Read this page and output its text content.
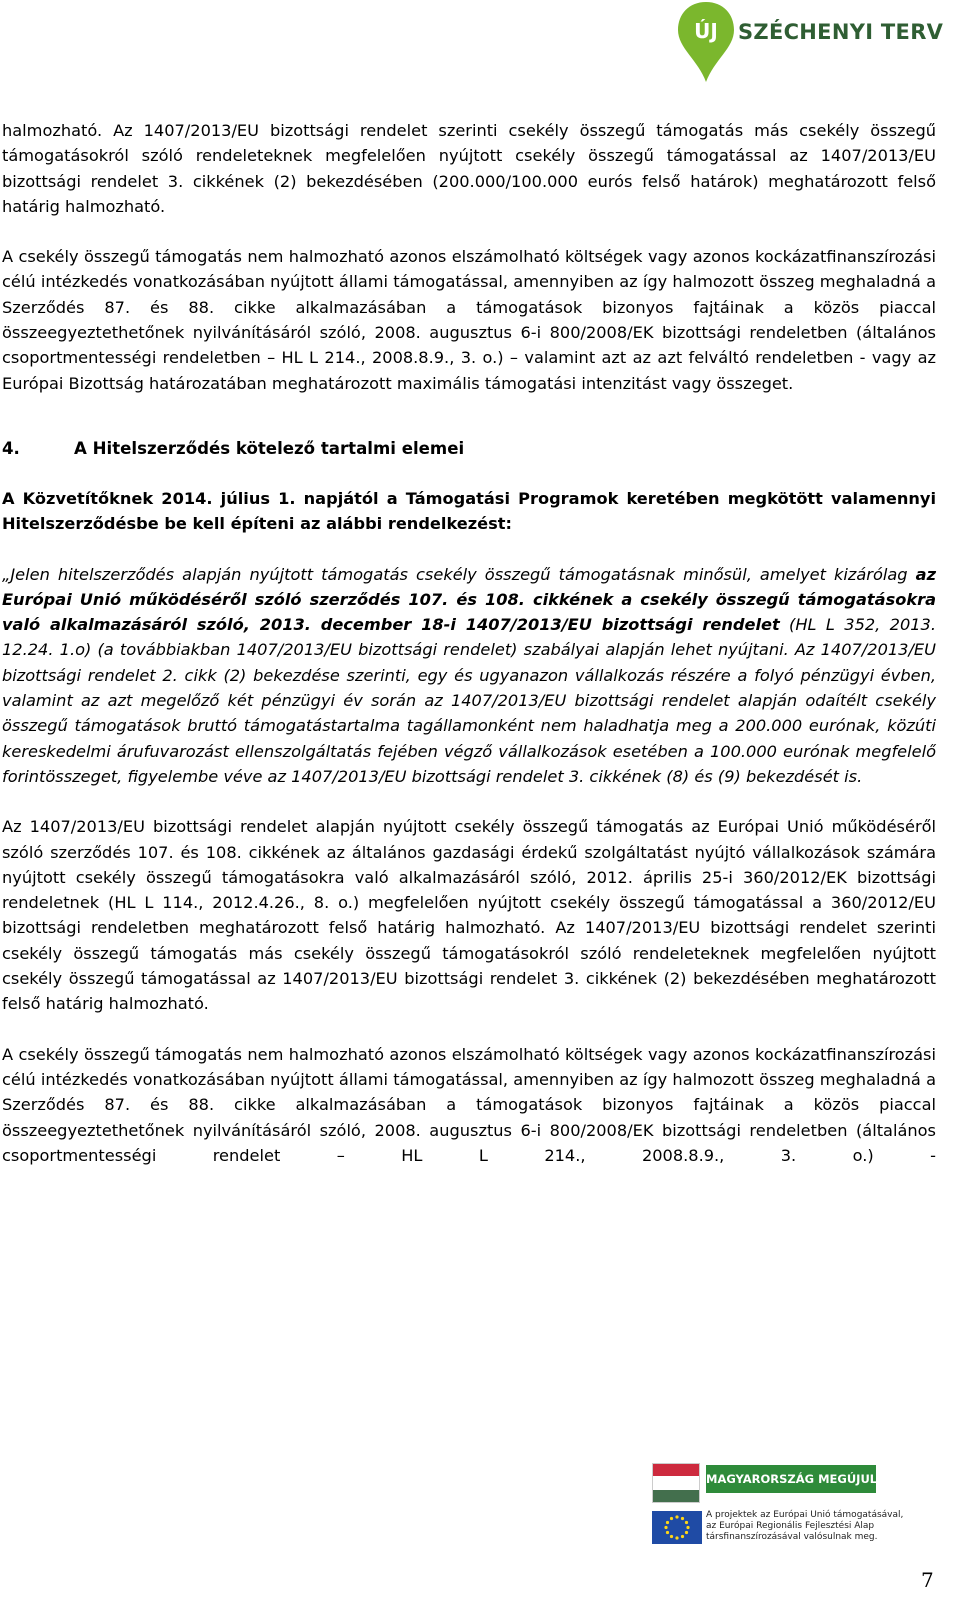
ÚJ SZÉCHENYI TERV

halmozható. Az 1407/2013/EU bizottsági rendelet szerinti csekély összegű támogatás más csekély összegű támogatásokról szóló rendeleteknek megfelelően nyújtott csekély összegű támogatással az 1407/2013/EU bizottsági rendelet 3. cikkének (2) bekezdésében (200.000/100.000 eurós felső határok) meghatározott felső határig halmozható.

A csekély összegű támogatás nem halmozható azonos elszámolható költségek vagy azonos kockázatfinanszírozási célú intézkedés vonatkozásában nyújtott állami támogatással, amennyiben az így halmozott összeg meghaladná a Szerződés 87. és 88. cikke alkalmazásában a támogatások bizonyos fajtáinak a közös piaccal összeegyeztethetőnek nyilvánításáról szóló, 2008. augusztus 6-i 800/2008/EK bizottsági rendeletben (általános csoportmentességi rendeletben – HL L 214., 2008.8.9., 3. o.) – valamint azt az azt felváltó rendeletben - vagy az Európai Bizottság határozatában meghatározott maximális támogatási intenzitást vagy összeget.

4.	A Hitelszerződés kötelező tartalmi elemei

A Közvetítőknek 2014. július 1. napjától a Támogatási Programok keretében megkötött valamennyi Hitelszerződésbe be kell építeni az alábbi rendelkezést:

„Jelen hitelszerződés alapján nyújtott támogatás csekély összegű támogatásnak minősül, amelyet kizárólag az Európai Unió működéséről szóló szerződés 107. és 108. cikkének a csekély összegű támogatásokra való alkalmazásáról szóló, 2013. december 18-i 1407/2013/EU bizottsági rendelet (HL L 352, 2013. 12.24. 1.o) (a továbbiakban 1407/2013/EU bizottsági rendelet) szabályai alapján lehet nyújtani. Az 1407/2013/EU bizottsági rendelet 2. cikk (2) bekezdése szerinti, egy és ugyanazon vállalkozás részére a folyó pénzügyi évben, valamint az azt megelőző két pénzügyi év során az 1407/2013/EU bizottsági rendelet alapján odaítélt csekély összegű támogatások bruttó támogatástartalma tagállamonként nem haladhatja meg a 200.000 eurónak, közúti kereskedelmi árufuvarozást ellenszolgáltatás fejében végző vállalkozások esetében a 100.000 eurónak megfelelő forintösszeget, figyelembe véve az 1407/2013/EU bizottsági rendelet 3. cikkének (8) és (9) bekezdését is.

Az 1407/2013/EU bizottsági rendelet alapján nyújtott csekély összegű támogatás az Európai Unió működéséről szóló szerződés 107. és 108. cikkének az általános gazdasági érdekű szolgáltatást nyújtó vállalkozások számára nyújtott csekély összegű támogatásokra való alkalmazásáról szóló, 2012. április 25-i 360/2012/EK bizottsági rendeletnek (HL L 114., 2012.4.26., 8. o.) megfelelően nyújtott csekély összegű támogatással a 360/2012/EU bizottsági rendeletben meghatározott felső határig halmozható. Az 1407/2013/EU bizottsági rendelet szerinti csekély összegű támogatás más csekély összegű támogatásokról szóló rendeleteknek megfelelően nyújtott csekély összegű támogatással az 1407/2013/EU bizottsági rendelet 3. cikkének (2) bekezdésében meghatározott felső határig halmozható.

A csekély összegű támogatás nem halmozható azonos elszámolható költségek vagy azonos kockázatfinanszírozási célú intézkedés vonatkozásában nyújtott állami támogatással, amennyiben az így halmozott összeg meghaladná a Szerződés 87. és 88. cikke alkalmazásában a támogatások bizonyos fajtáinak a közös piaccal összeegyeztethetőnek nyilvánításáról szóló, 2008. augusztus 6-i 800/2008/EK bizottsági rendeletben (általános csoportmentességi rendelet – HL L 214., 2008.8.9., 3. o.) -

MAGYARORSZÁG MEGÚJUL
A projektek az Európai Unió támogatásával, az Európai Regionális Fejlesztési Alap társfinanszírozásával valósulnak meg.
7
